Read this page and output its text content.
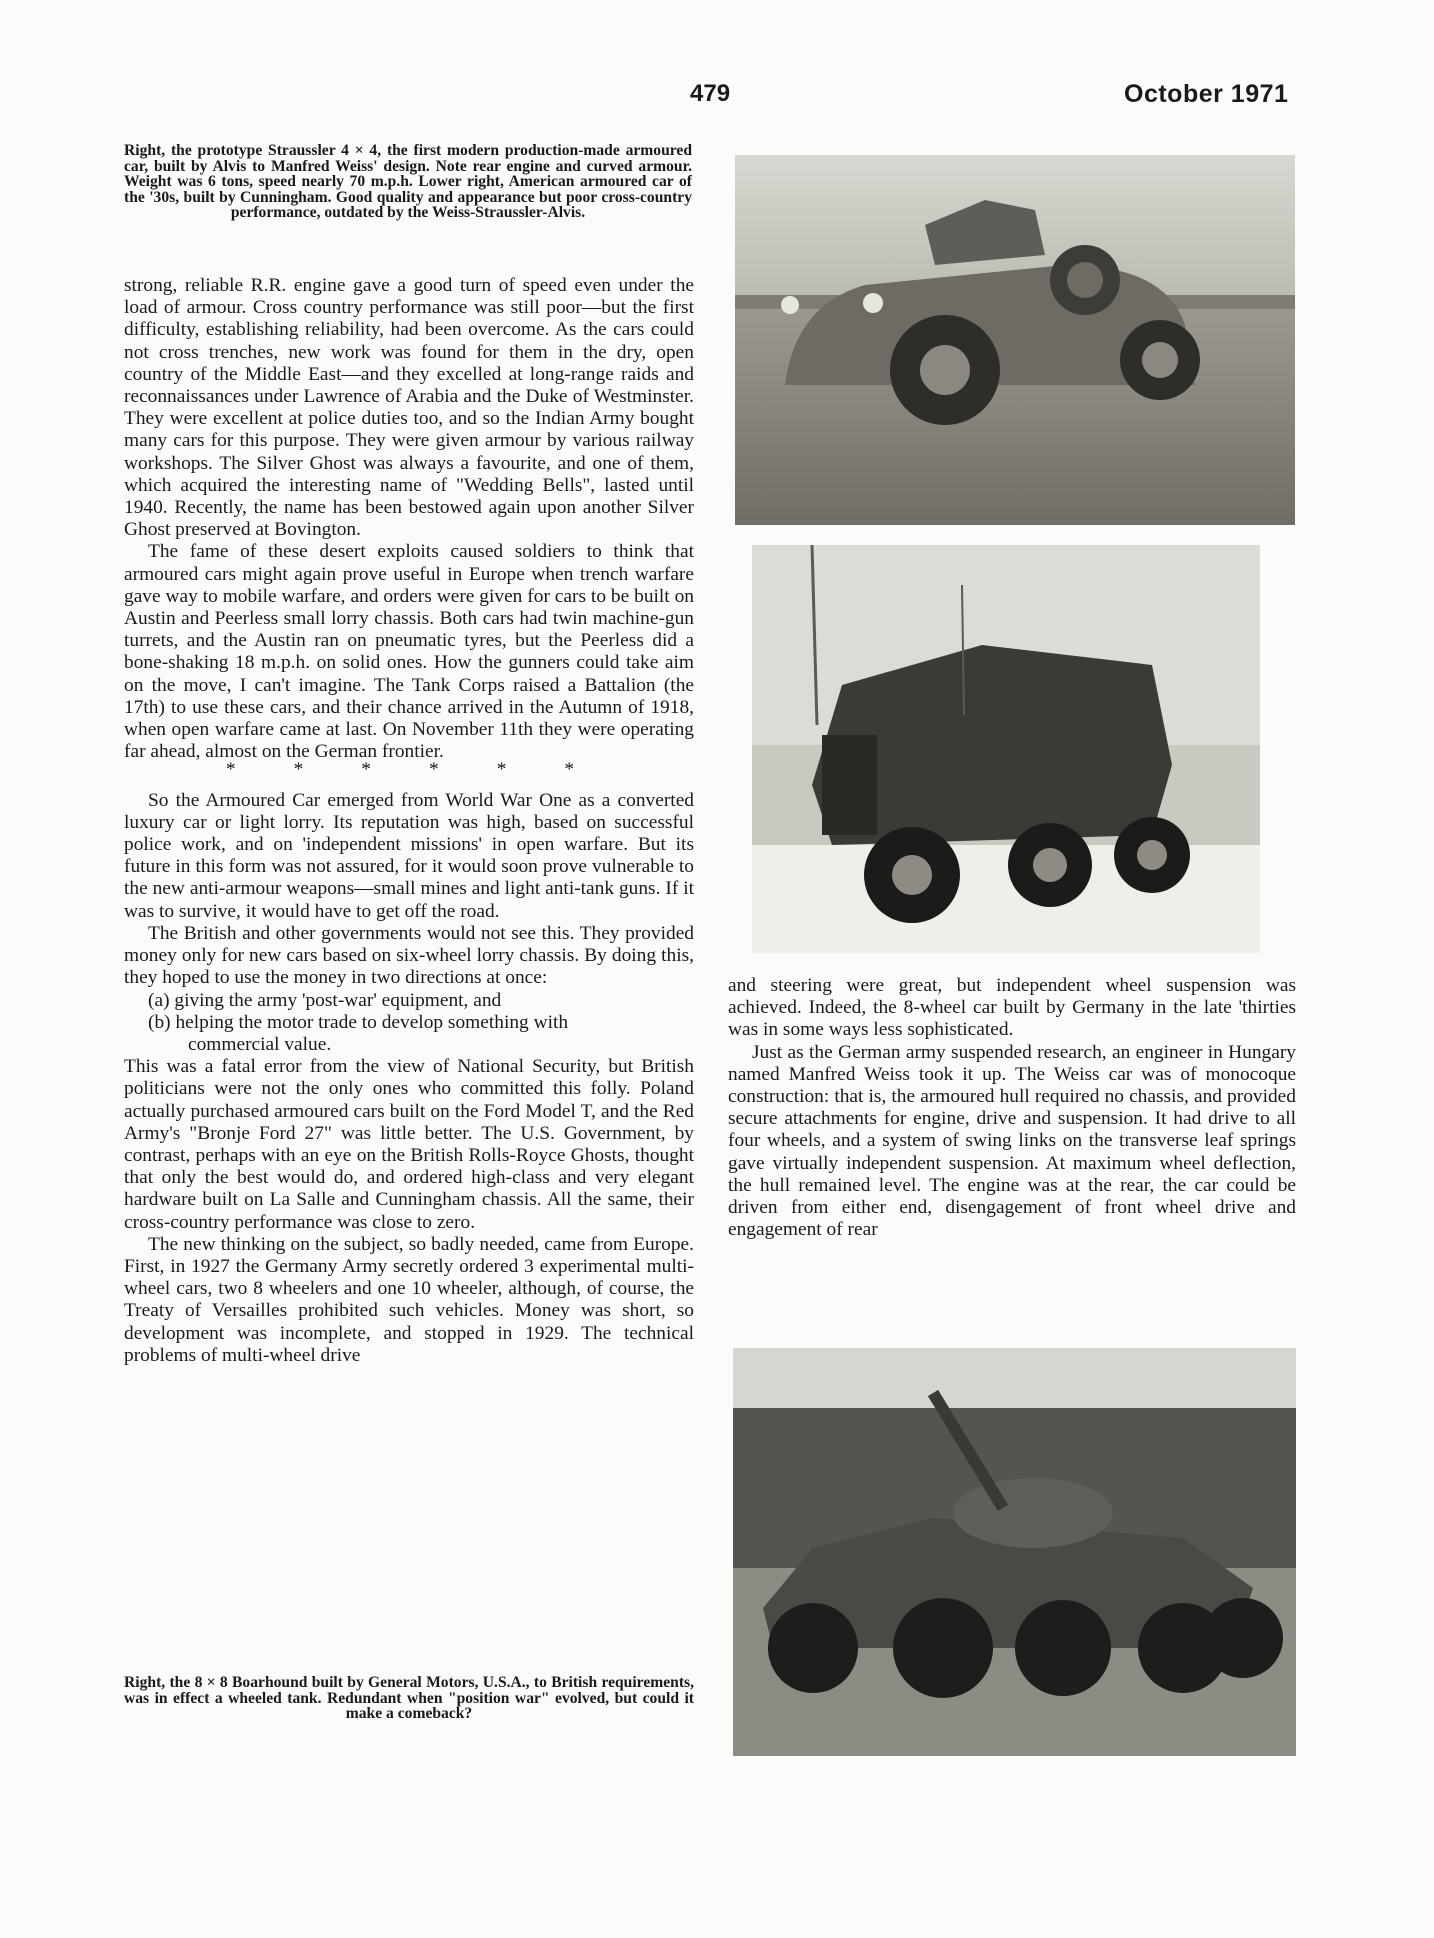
479	October 1971

Right, the prototype Straussler 4 × 4, the first modern production-made armoured car, built by Alvis to Manfred Weiss' design. Note rear engine and curved armour. Weight was 6 tons, speed nearly 70 m.p.h. Lower right, American armoured car of the '30s, built by Cunningham. Good quality and appearance but poor cross-country performance, outdated by the Weiss-Straussler-Alvis.

strong, reliable R.R. engine gave a good turn of speed even under the load of armour. Cross country performance was still poor—but the first difficulty, establishing reliability, had been overcome. As the cars could not cross trenches, new work was found for them in the dry, open country of the Middle East—and they excelled at long-range raids and reconnaissances under Lawrence of Arabia and the Duke of Westminster. They were excellent at police duties too, and so the Indian Army bought many cars for this purpose. They were given armour by various railway workshops. The Silver Ghost was always a favourite, and one of them, which acquired the interesting name of "Wedding Bells", lasted until 1940. Recently, the name has been bestowed again upon another Silver Ghost preserved at Bovington.

The fame of these desert exploits caused soldiers to think that armoured cars might again prove useful in Europe when trench warfare gave way to mobile warfare, and orders were given for cars to be built on Austin and Peerless small lorry chassis. Both cars had twin machine-gun turrets, and the Austin ran on pneumatic tyres, but the Peerless did a bone-shaking 18 m.p.h. on solid ones. How the gunners could take aim on the move, I can't imagine. The Tank Corps raised a Battalion (the 17th) to use these cars, and their chance arrived in the Autumn of 1918, when open warfare came at last. On November 11th they were operating far ahead, almost on the German frontier.

******

So the Armoured Car emerged from World War One as a converted luxury car or light lorry. Its reputation was high, based on successful police work, and on 'independent missions' in open warfare. But its future in this form was not assured, for it would soon prove vulnerable to the new anti-armour weapons—small mines and light anti-tank guns. If it was to survive, it would have to get off the road.

The British and other governments would not see this. They provided money only for new cars based on six-wheel lorry chassis. By doing this, they hoped to use the money in two directions at once:

(a) giving the army 'post-war' equipment, and

(b) helping the motor trade to develop something with

commercial value.

This was a fatal error from the view of National Security, but British politicians were not the only ones who committed this folly. Poland actually purchased armoured cars built on the Ford Model T, and the Red Army's "Bronje Ford 27" was little better. The U.S. Government, by contrast, perhaps with an eye on the British Rolls-Royce Ghosts, thought that only the best would do, and ordered high-class and very elegant hardware built on La Salle and Cunningham chassis. All the same, their cross-country performance was close to zero.

The new thinking on the subject, so badly needed, came from Europe. First, in 1927 the Germany Army secretly ordered 3 experimental multi-wheel cars, two 8 wheelers and one 10 wheeler, although, of course, the Treaty of Versailles prohibited such vehicles. Money was short, so development was incomplete, and stopped in 1929. The technical problems of multi-wheel drive

Right, the 8 × 8 Boarhound built by General Motors, U.S.A., to British requirements, was in effect a wheeled tank. Redundant when "position war" evolved, but could it make a comeback?

and steering were great, but independent wheel suspension was achieved. Indeed, the 8-wheel car built by Germany in the late 'thirties was in some ways less sophisticated.

Just as the German army suspended research, an engineer in Hungary named Manfred Weiss took it up. The Weiss car was of monocoque construction: that is, the armoured hull required no chassis, and provided secure attachments for engine, drive and suspension. It had drive to all four wheels, and a system of swing links on the transverse leaf springs gave virtually independent suspension. At maximum wheel deflection, the hull remained level. The engine was at the rear, the car could be driven from either end, disengagement of front wheel drive and engagement of rear
